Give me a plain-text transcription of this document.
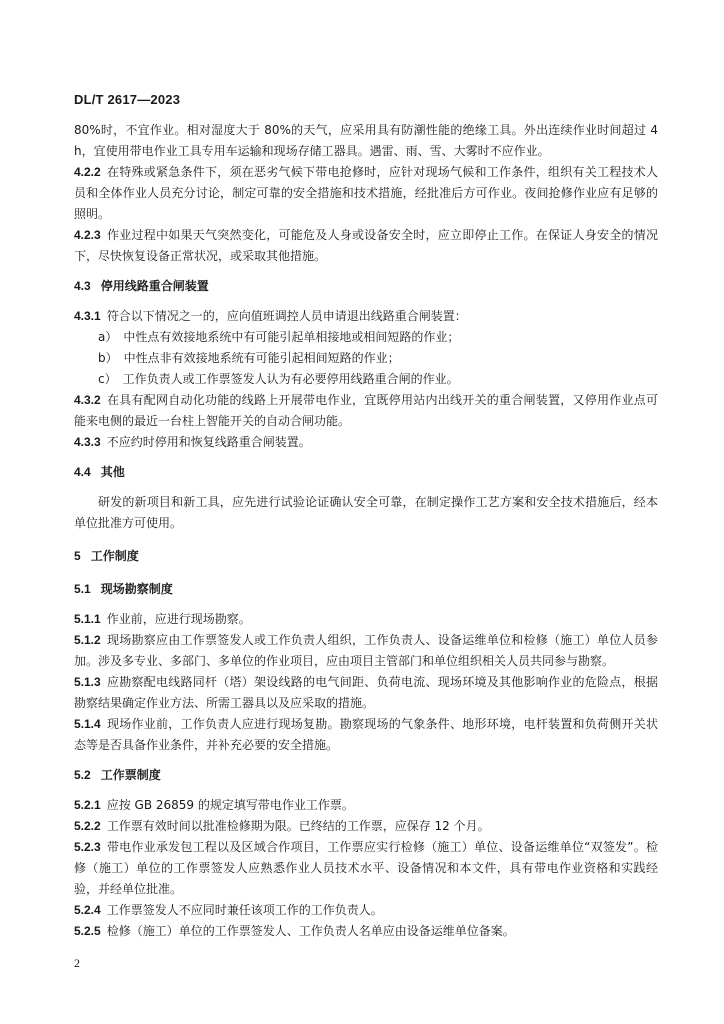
DL/T 2617—2023

80%时，不宜作业。相对湿度大于 80%的天气，应采用具有防潮性能的绝缘工具。外出连续作业时间超过 4 h，宜使用带电作业工具专用车运输和现场存储工器具。遇雷、雨、雪、大雾时不应作业。

4.2.2 在特殊或紧急条件下，须在恶劣气候下带电抢修时，应针对现场气候和工作条件，组织有关工程技术人员和全体作业人员充分讨论，制定可靠的安全措施和技术措施，经批准后方可作业。夜间抢修作业应有足够的照明。

4.2.3 作业过程中如果天气突然变化，可能危及人身或设备安全时，应立即停止工作。在保证人身安全的情况下，尽快恢复设备正常状况，或采取其他措施。

4.3 停用线路重合闸装置

4.3.1 符合以下情况之一的，应向值班调控人员申请退出线路重合闸装置：

a） 中性点有效接地系统中有可能引起单相接地或相间短路的作业；

b） 中性点非有效接地系统有可能引起相间短路的作业；

c） 工作负责人或工作票签发人认为有必要停用线路重合闸的作业。

4.3.2 在具有配网自动化功能的线路上开展带电作业，宜既停用站内出线开关的重合闸装置，又停用作业点可能来电侧的最近一台柱上智能开关的自动合闸功能。

4.3.3 不应约时停用和恢复线路重合闸装置。

4.4 其他

研发的新项目和新工具，应先进行试验论证确认安全可靠，在制定操作工艺方案和安全技术措施后，经本单位批准方可使用。

5 工作制度

5.1 现场勘察制度

5.1.1 作业前，应进行现场勘察。

5.1.2 现场勘察应由工作票签发人或工作负责人组织，工作负责人、设备运维单位和检修（施工）单位人员参加。涉及多专业、多部门、多单位的作业项目，应由项目主管部门和单位组织相关人员共同参与勘察。

5.1.3 应勘察配电线路同杆（塔）架设线路的电气间距、负荷电流、现场环境及其他影响作业的危险点，根据勘察结果确定作业方法、所需工器具以及应采取的措施。

5.1.4 现场作业前，工作负责人应进行现场复勘。勘察现场的气象条件、地形环境，电杆装置和负荷侧开关状态等是否具备作业条件，并补充必要的安全措施。

5.2 工作票制度

5.2.1 应按 GB 26859 的规定填写带电作业工作票。

5.2.2 工作票有效时间以批准检修期为限。已终结的工作票，应保存 12 个月。

5.2.3 带电作业承发包工程以及区域合作项目，工作票应实行检修（施工）单位、设备运维单位“双签发”。检修（施工）单位的工作票签发人应熟悉作业人员技术水平、设备情况和本文件，具有带电作业资格和实践经验，并经单位批准。

5.2.4 工作票签发人不应同时兼任该项工作的工作负责人。

5.2.5 检修（施工）单位的工作票签发人、工作负责人名单应由设备运维单位备案。

2
